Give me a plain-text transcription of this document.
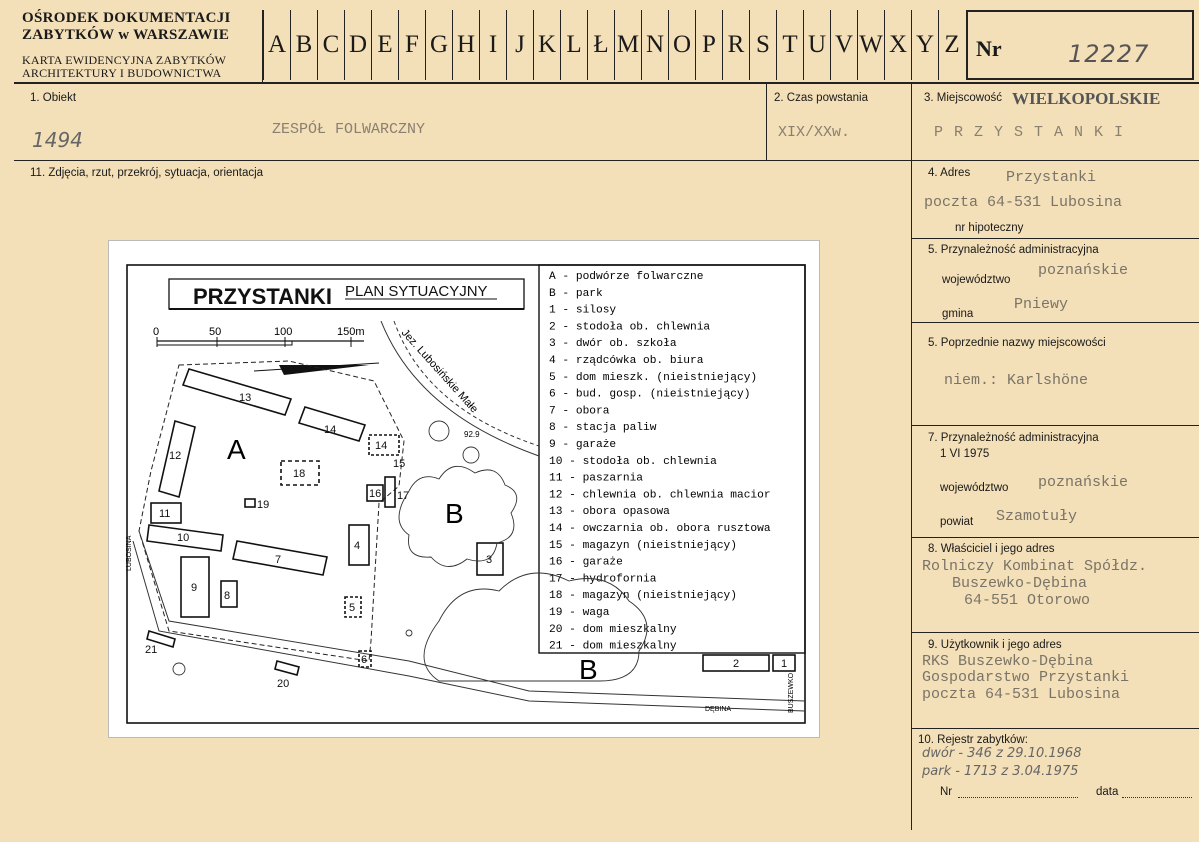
OŚRODEK DOKUMENTACJI
ZABYTKÓW w WARSZAWIE
KARTA EWIDENCYJNA ZABYTKÓW
ARCHITEKTURY I BUDOWNICTWA
A B C D E F G H I J K L Ł M N O P R S T U V W X Y Z Nr	12227
1. Obiekt
1494	ZESPÓŁ FOLWARCZNY
2. Czas powstania
XIX/XXw.
3. Miejscowość WIELKOPOLSKIE
P R Z Y S T A N K I
11. Zdjęcia, rzut, przekrój, sytuacja, orientacja	4. Adres Przystanki
poczta 64-531 Lubosina
nr hipoteczny
5. Przynależność administracyjna
poznańskie
województwo
Pniewy
gmina
5. Poprzednie nazwy miejscowości
niem.: Karlshöne
7. Przynależność administracyjna
1 VI 1975
poznańskie
województwo
Szamotuły
powiat
8. Właściciel i jego adres
Rolniczy Kombinat Spółdz.
Buszewko-Dębina
64-551 Otorowo
9. Użytkownik i jego adres
RKS Buszewko-Dębina
Gospodarstwo Przystanki
poczta 64-531 Lubosina
10. Rejestr zabytków:
dwór - 346 z 29.10.1968
park - 1713 z 3.04.1975
Nr	data
PRZYSTANKI PLAN SYTUACYJNY
A - podwórze folwarczne
B - park
1 - silosy
2 - stodoła ob. chlewnia
3 - dwór ob. szkoła
4 - rządcówka ob. biura
5 - dom mieszk. (nieistniejący)
6 - bud. gosp. (nieistniejący)
7 - obora
8 - stacja paliw
9 - garaże
10 - stodoła ob. chlewnia
11 - paszarnia
12 - chlewnia ob. chlewnia macior
13 - obora opasowa
14 - owczarnia ob. obora rusztowa
15 - magazyn (nieistniejący)
16 - garaże
17 - hydrofornia
18 - magazyn (nieistniejący)
19 - waga
20 - dom mieszkalny
21 - dom mieszkalny
0	50	100	150m	Jez. Lubosińskie Małe
92.9
13
14
12
11
10
7
4
9
8
18
19
16
5
6
14
15
17
21
20
3
2	1
A
B
B
LUBOSINA
DĘBINA	BUSZEWKO
